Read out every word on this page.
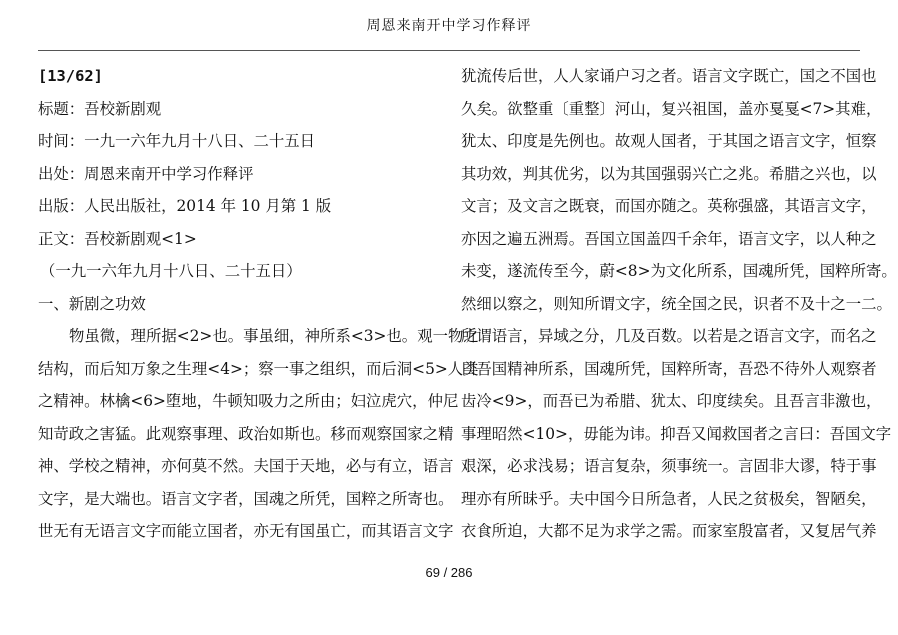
周恩来南开中学习作释评
[13/62]
标题：吾校新剧观
时间：一九一六年九月十八日、二十五日
出处：周恩来南开中学习作释评
出版：人民出版社，2014 年 10 月第 1 版
正文：吾校新剧观<1>
（一九一六年九月十八日、二十五日）
一、新剧之功效
物虽微，理所据<2>也。事虽细，神所系<3>也。观一物之
结构，而后知万象之生理<4>；察一事之组织，而后洞<5>人类
之精神。林檎<6>堕地，牛顿知吸力之所由；妇泣虎穴，仲尼
知苛政之害猛。此观察事理、政治如斯也。移而观察国家之精
神、学校之精神，亦何莫不然。夫国于天地，必与有立，语言
文字，是大端也。语言文字者，国魂之所凭，国粹之所寄也。
世无有无语言文字而能立国者，亦无有国虽亡，而其语言文字
犹流传后世，人人家诵户习之者。语言文字既亡，国之不国也
久矣。欲整重〔重整〕河山，复兴祖国，盖亦戛戛<7>其难，
犹太、印度是先例也。故观人国者，于其国之语言文字，恒察
其功效，判其优劣，以为其国强弱兴亡之兆。希腊之兴也，以
文言；及文言之既衰，而国亦随之。英称强盛，其语言文字，
亦因之遍五洲焉。吾国立国盖四千余年，语言文字，以人种之
未变，遂流传至今，蔚<8>为文化所系，国魂所凭，国粹所寄。
然细以察之，则知所谓文字，统全国之民，识者不及十之一二。
所谓语言，异域之分，几及百数。以若是之语言文字，而名之
曰吾国精神所系，国魂所凭，国粹所寄，吾恐不待外人观察者
齿冷<9>，而吾已为希腊、犹太、印度续矣。且吾言非激也，
事理昭然<10>，毋能为讳。抑吾又闻救国者之言曰：吾国文字
艰深，必求浅易；语言复杂，须事统一。言固非大谬，特于事
理亦有所昧乎。夫中国今日所急者，人民之贫极矣，智陋矣，
衣食所迫，大都不足为求学之需。而家室殷富者，又复居气养
69 / 286
